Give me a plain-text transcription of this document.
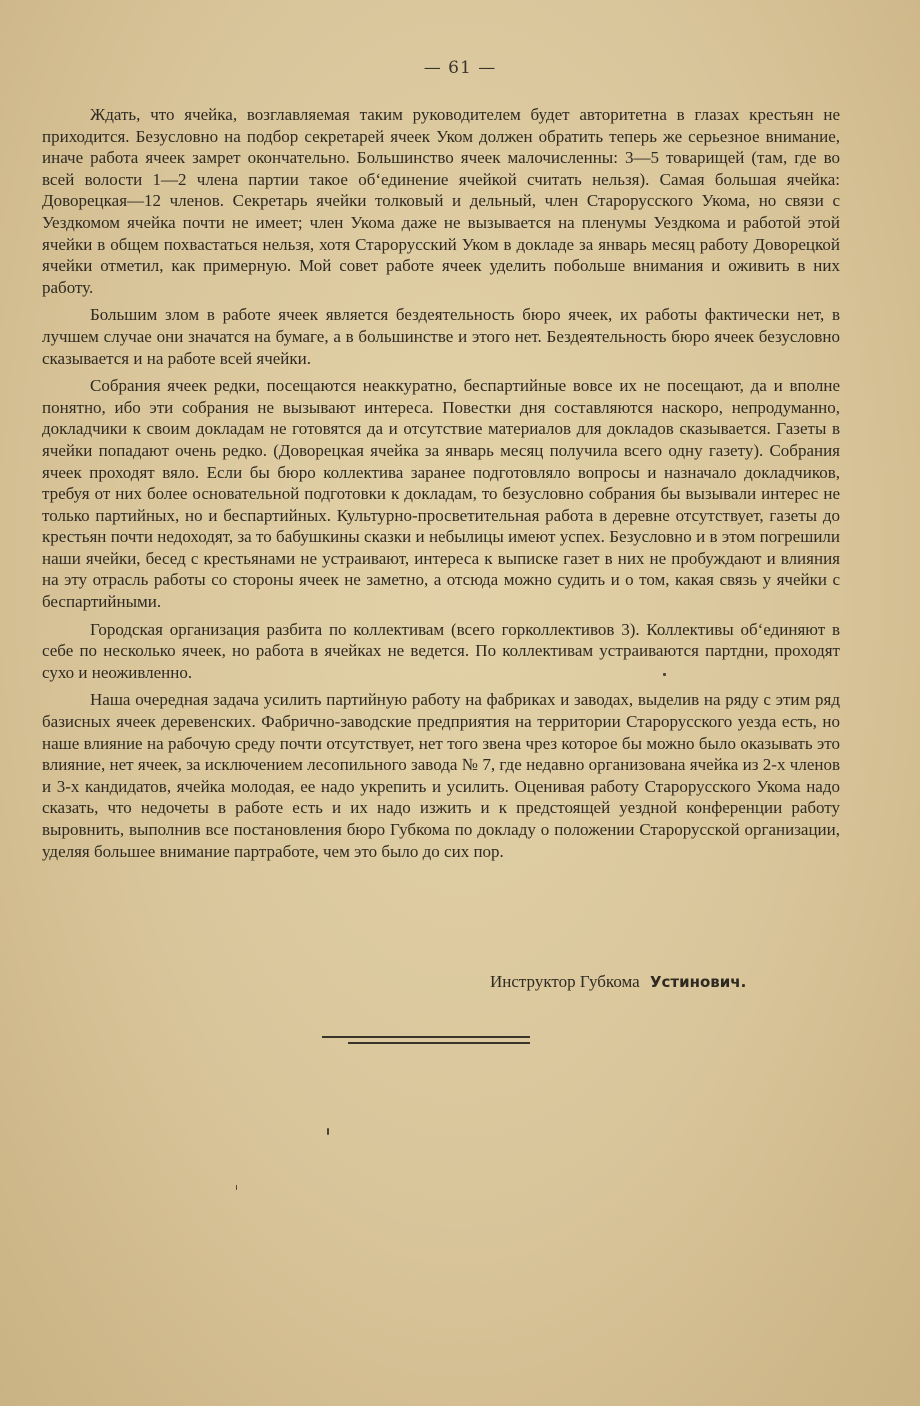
— 61 —

Ждать, что ячейка, возглавляемая таким руководителем будет авторитетна в глазах крестьян не приходится. Безусловно на подбор секретарей ячеек Уком должен обратить теперь же серьезное внимание, иначе работа ячеек замрет окончательно. Большинство ячеек малочисленны: 3—5 товарищей (там, где во всей волости 1—2 члена партии такое об‘единение ячейкой считать нельзя). Самая большая ячейка: Доворецкая—12 членов. Секретарь ячейки толковый и дельный, член Старорусского Укома, но связи с Уездкомом ячейка почти не имеет; член Укома даже не вызывается на пленумы Уездкома и работой этой ячейки в общем похвастаться нельзя, хотя Старорусский Уком в докладе за январь месяц работу Доворецкой ячейки отметил, как примерную. Мой совет работе ячеек уделить побольше внимания и оживить в них работу.

Большим злом в работе ячеек является бездеятельность бюро ячеек, их работы фактически нет, в лучшем случае они значатся на бумаге, а в большинстве и этого нет. Бездеятельность бюро ячеек безусловно сказывается и на работе всей ячейки.

Собрания ячеек редки, посещаются неаккуратно, беспартийные вовсе их не посещают, да и вполне понятно, ибо эти собрания не вызывают интереса. Повестки дня составляются наскоро, непродуманно, докладчики к своим докладам не готовятся да и отсутствие материалов для докладов сказывается. Газеты в ячейки попадают очень редко. (Доворецкая ячейка за январь месяц получила всего одну газету). Собрания ячеек проходят вяло. Если бы бюро коллектива заранее подготовляло вопросы и назначало докладчиков, требуя от них более основательной подготовки к докладам, то безусловно собрания бы вызывали интерес не только партийных, но и беспартийных. Культурно-просветительная работа в деревне отсутствует, газеты до крестьян почти недоходят, за то бабушкины сказки и небылицы имеют успех. Безусловно и в этом погрешили наши ячейки, бесед с крестьянами не устраивают, интереса к выписке газет в них не пробуждают и влияния на эту отрасль работы со стороны ячеек не заметно, а отсюда можно судить и о том, какая связь у ячейки с беспартийными.

Городская организация разбита по коллективам (всего горколлективов 3). Коллективы об‘единяют в себе по несколько ячеек, но работа в ячейках не ведется. По коллективам устраиваются партдни, проходят сухо и неоживленно.

Наша очередная задача усилить партийную работу на фабриках и заводах, выделив на ряду с этим ряд базисных ячеек деревенских. Фабрично-заводские предприятия на территории Старорусского уезда есть, но наше влияние на рабочую среду почти отсутствует, нет того звена чрез которое бы можно было оказывать это влияние, нет ячеек, за исключением лесопильного завода № 7, где недавно организована ячейка из 2-х членов и 3-х кандидатов, ячейка молодая, ее надо укрепить и усилить. Оценивая работу Старорусского Укома надо сказать, что недочеты в работе есть и их надо изжить и к предстоящей уездной конференции работу выровнить, выполнив все постановления бюро Губкома по докладу о положении Старорусской организации, уделяя большее внимание партработе, чем это было до сих пор.

Инструктор Губкома Устинович.
